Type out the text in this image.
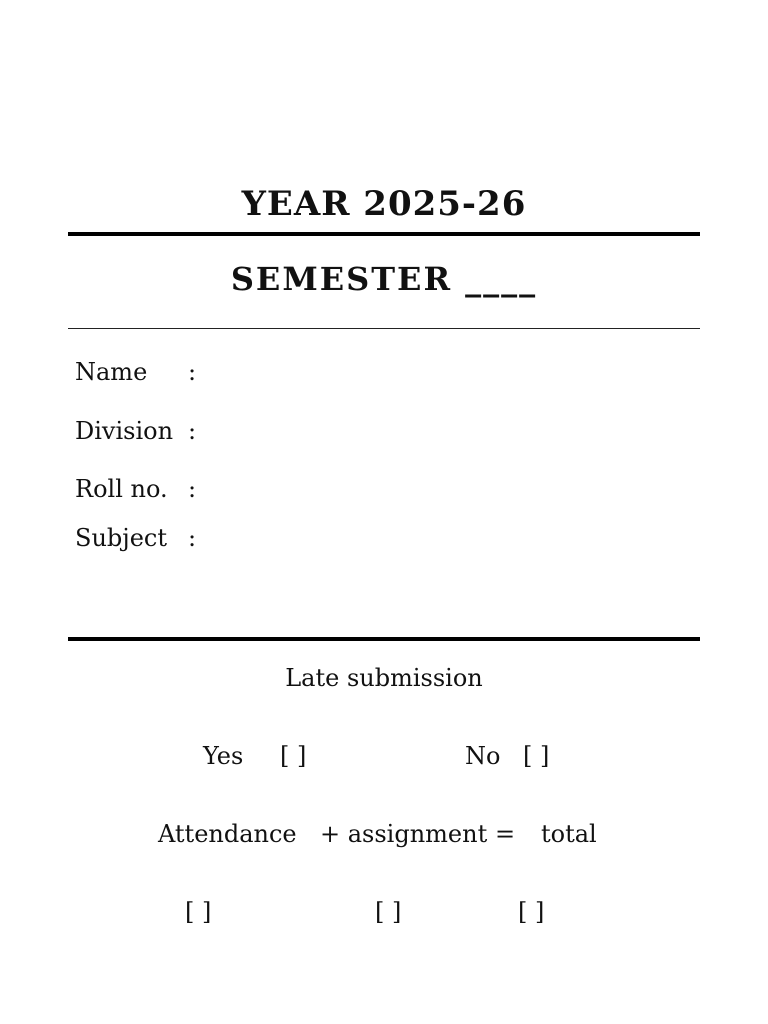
YEAR 2025-26
SEMESTER ____
Name :
Division :
Roll no. :
Subject :
Late submission
Yes [ ]	No [ ]
Attendance + assignment = total
[ ]	[ ]	[ ]
